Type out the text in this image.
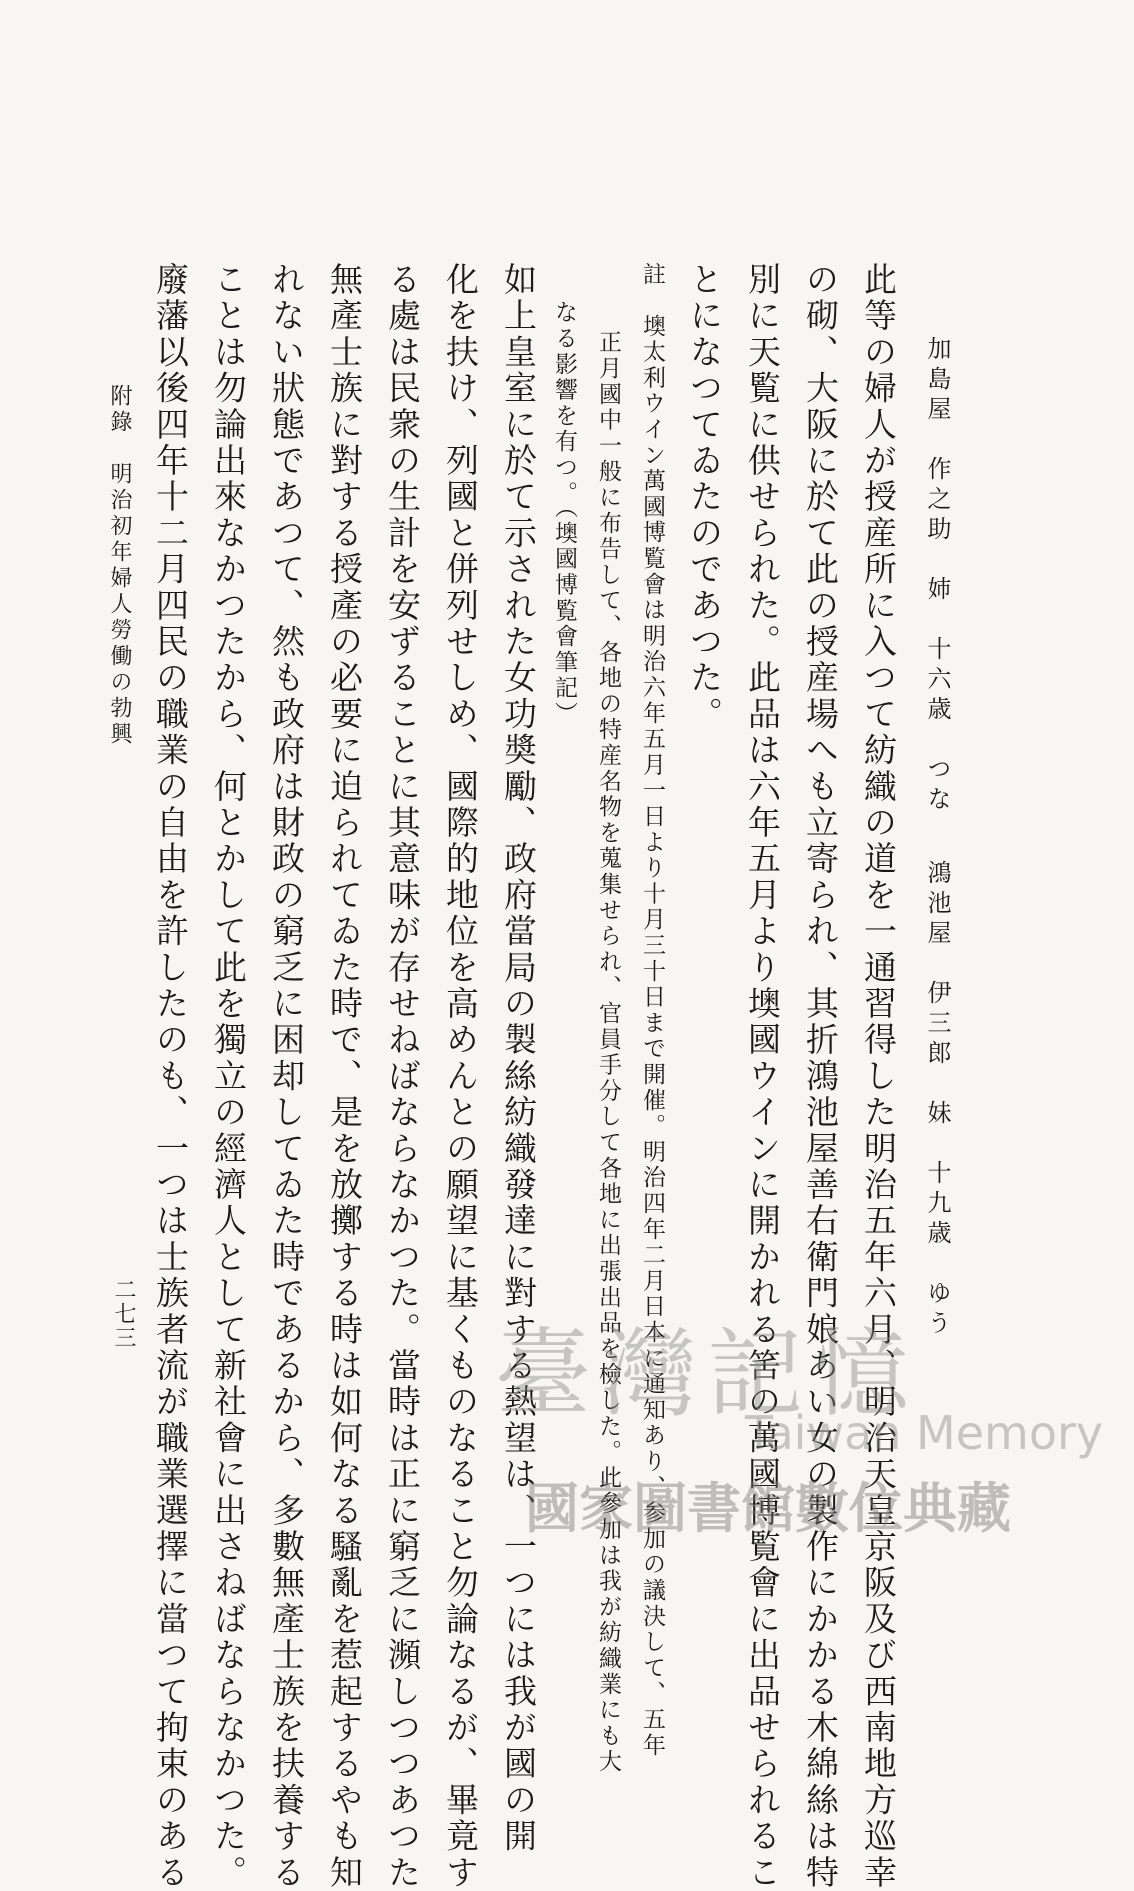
加島屋　作之助　姉　十六歳　つな

鴻池屋　伊三郎　妹　十九歳　ゆう

此等の婦人が授産所に入つて紡織の道を一通習得した明治五年六月、明治天皇京阪及び西南地方巡幸

の砌、大阪に於て此の授産場へも立寄られ、其折鴻池屋善右衛門娘あい女の製作にかかる木綿絲は特

別に天覧に供せられた。此品は六年五月より墺國ウインに開かれる筈の萬國博覧會に出品せられるこ

とになつてゐたのであつた。

註　墺太利ウイン萬國博覧會は明治六年五月一日より十月三十日まで開催。明治四年二月日本に通知あり、参加の議決して、五年

正月國中一般に布告して、各地の特産名物を蒐集せられ、官員手分して各地に出張出品を檢した。此參加は我が紡織業にも大

なる影響を有つ。（墺國博覧會筆記）

如上皇室に於て示された女功奬勵、政府當局の製絲紡織發達に對する熱望は、一つには我が國の開

化を扶け、列國と併列せしめ、國際的地位を高めんとの願望に基くものなること勿論なるが、畢竟す

る處は民衆の生計を安ずることに其意味が存せねばならなかつた。當時は正に窮乏に瀕しつつあつた

無產士族に對する授產の必要に迫られてゐた時で、是を放擲する時は如何なる騷亂を惹起するやも知

れない狀態であつて、然も政府は財政の窮乏に困却してゐた時であるから、多數無產士族を扶養する

ことは勿論出來なかつたから、何とかして此を獨立の經濟人として新社會に出さねばならなかつた。

廢藩以後四年十二月四民の職業の自由を許したのも、一つは士族者流が職業選擇に當つて拘束のある

附錄　明治初年婦人勞働の勃興

二七三

臺灣記憶
Taiwan Memory
國家圖書館數位典藏
